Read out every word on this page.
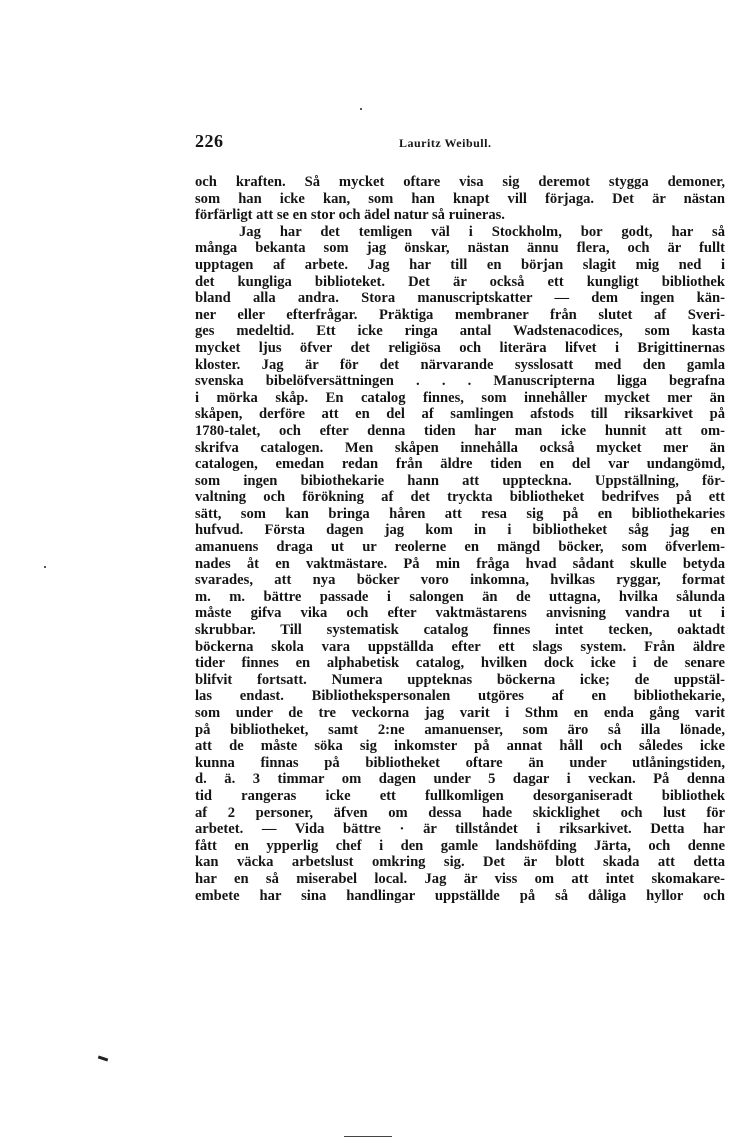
226	Lauritz Weibull.
och kraften. Så mycket oftare visa sig deremot stygga demoner,
som han icke kan, som han knapt vill förjaga. Det är nästan
förfärligt att se en stor och ädel natur så ruineras.
Jag har det temligen väl i Stockholm, bor godt, har så
många bekanta som jag önskar, nästan ännu flera, och är fullt
upptagen af arbete. Jag har till en början slagit mig ned i
det kungliga biblioteket. Det är också ett kungligt bibliothek
bland alla andra. Stora manuscriptskatter — dem ingen kän-
ner eller efterfrågar. Präktiga membraner från slutet af Sveri-
ges medeltid. Ett icke ringa antal Wadstenacodices, som kasta
mycket ljus öfver det religiösa och literära lifvet i Brigittinernas
kloster. Jag är för det närvarande sysslosatt med den gamla
svenska bibelöfversättningen . . . Manuscripterna ligga begrafna
i mörka skåp. En catalog finnes, som innehåller mycket mer än
skåpen, derföre att en del af samlingen afstods till riksarkivet på
1780-talet, och efter denna tiden har man icke hunnit att om-
skrifva catalogen. Men skåpen innehålla också mycket mer än
catalogen, emedan redan från äldre tiden en del var undangömd,
som ingen bibiothekarie hann att uppteckna. Uppställning, för-
valtning och förökning af det tryckta bibliotheket bedrifves på ett
sätt, som kan bringa håren att resa sig på en bibliothekaries
hufvud. Första dagen jag kom in i bibliotheket såg jag en
amanuens draga ut ur reolerne en mängd böcker, som öfverlem-
nades åt en vaktmästare. På min fråga hvad sådant skulle betyda
svarades, att nya böcker voro inkomna, hvilkas ryggar, format
m. m. bättre passade i salongen än de uttagna, hvilka sålunda
måste gifva vika och efter vaktmästarens anvisning vandra ut i
skrubbar. Till systematisk catalog finnes intet tecken, oaktadt
böckerna skola vara uppställda efter ett slags system. Från äldre
tider finnes en alphabetisk catalog, hvilken dock icke i de senare
blifvit fortsatt. Numera uppteknas böckerna icke; de uppstäl-
las endast. Bibliothekspersonalen utgöres af en bibliothekarie,
som under de tre veckorna jag varit i Sthm en enda gång varit
på bibliotheket, samt 2:ne amanuenser, som äro så illa lönade,
att de måste söka sig inkomster på annat håll och således icke
kunna finnas på bibliotheket oftare än under utlåningstiden,
d. ä. 3 timmar om dagen under 5 dagar i veckan. På denna
tid rangeras icke ett fullkomligen desorganiseradt bibliothek
af 2 personer, äfven om dessa hade skicklighet och lust för
arbetet. — Vida bättre · är tillståndet i riksarkivet. Detta har
fått en ypperlig chef i den gamle landshöfding Järta, och denne
kan väcka arbetslust omkring sig. Det är blott skada att detta
har en så miserabel local. Jag är viss om att intet skomakare-
embete har sina handlingar uppställde på så dåliga hyllor och
